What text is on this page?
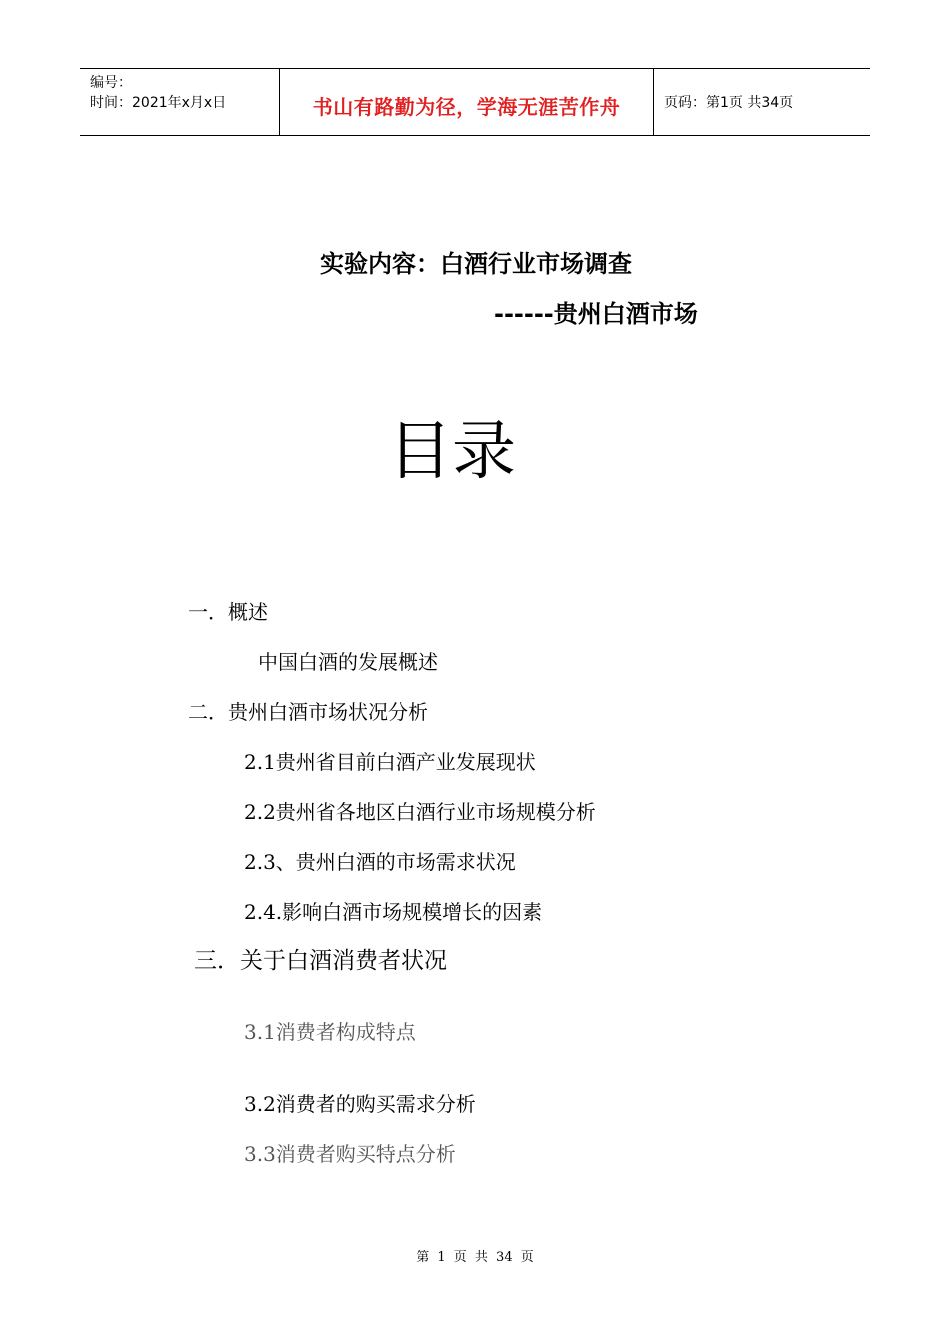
编号：
时间：2021年x月x日	书山有路勤为径，学海无涯苦作舟	页码：第1页 共34页
实验内容：白酒行业市场调查
------贵州白酒市场
目录
一．概述
中国白酒的发展概述
二．贵州白酒市场状况分析
2.1贵州省目前白酒产业发展现状
2.2贵州省各地区白酒行业市场规模分析
2.3、贵州白酒的市场需求状况
2.4.影响白酒市场规模增长的因素
三．关于白酒消费者状况
3.1消费者构成特点
3.2消费者的购买需求分析
3.3消费者购买特点分析
第 1 页 共 34 页
